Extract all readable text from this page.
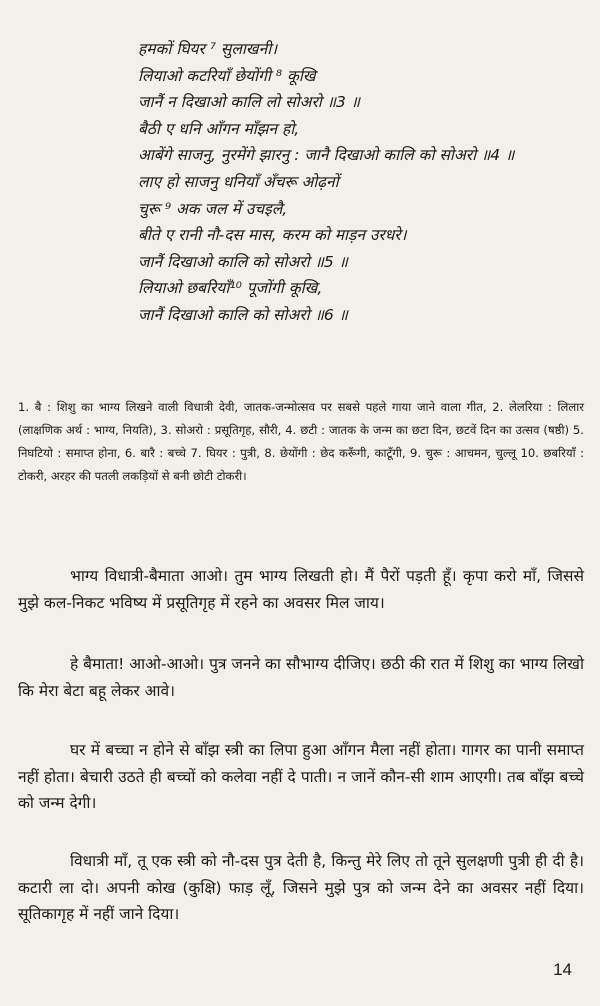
हमकों घियर ⁷ सुलाखनी।
लियाओ कटरियाँ छेयोंगी ⁸ कूखि
जानैं न दिखाओ कालि लो सोअरो ॥3 ॥
बैठी ए धनि आँगन माँझन हो,
आबेंगे साजनु, नुरमेंगे झारनु : जानै दिखाओ कालि को सोअरो ॥4 ॥
लाए हो साजनु धनियाँ अँचरू ओढ़नों
चुरू ⁹ अक जल में उचइलै,
बीते ए रानी नौ-दस मास, करम को माड़न उरधरे।
जानैं दिखाओ कालि को सोअरो ॥5 ॥
लियाओ छबरियाँ¹⁰ पूजोंगी कूखि,
जानैं दिखाओ कालि को सोअरो ॥6 ॥

1. बै : शिशु का भाग्य लिखने वाली विधात्री देवी, जातक-जन्मोत्सव पर सबसे पहले गाया जाने वाला गीत, 2. लेलरिया : लिलार (लाक्षणिक अर्थ : भाग्य, नियति), 3. सोअरो : प्रसूतिगृह, सौरी, 4. छटी : जातक के जन्म का छटा दिन, छटवें दिन का उत्सव (षष्ठी) 5. निघटियो : समाप्त होना, 6. बारै : बच्चे 7. घियर : पुत्री, 8. छेयोंगी : छेद करूँगी, काटूँगी, 9. चुरू : आचमन, चुल्लू 10. छबरियाँ : टोकरी, अरहर की पतली लकड़ियों से बनी छोटी टोकरी।

भाग्य विधात्री-बैमाता आओ। तुम भाग्य लिखती हो। मैं पैरों पड़ती हूँ। कृपा करो माँ, जिससे मुझे कल-निकट भविष्य में प्रसूतिगृह में रहने का अवसर मिल जाय।

हे बैमाता! आओ-आओ। पुत्र जनने का सौभाग्य दीजिए। छठी की रात में शिशु का भाग्य लिखो कि मेरा बेटा बहू लेकर आवे।

घर में बच्चा न होने से बाँझ स्त्री का लिपा हुआ आँगन मैला नहीं होता। गागर का पानी समाप्त नहीं होता। बेचारी उठते ही बच्चों को कलेवा नहीं दे पाती। न जानें कौन-सी शाम आएगी। तब बाँझ बच्चे को जन्म देगी।

विधात्री माँ, तू एक स्त्री को नौ-दस पुत्र देती है, किन्तु मेरे लिए तो तूने सुलक्षणी पुत्री ही दी है। कटारी ला दो। अपनी कोख (कुक्षि) फाड़ लूँ, जिसने मुझे पुत्र को जन्म देने का अवसर नहीं दिया। सूतिकागृह में नहीं जाने दिया।

14
